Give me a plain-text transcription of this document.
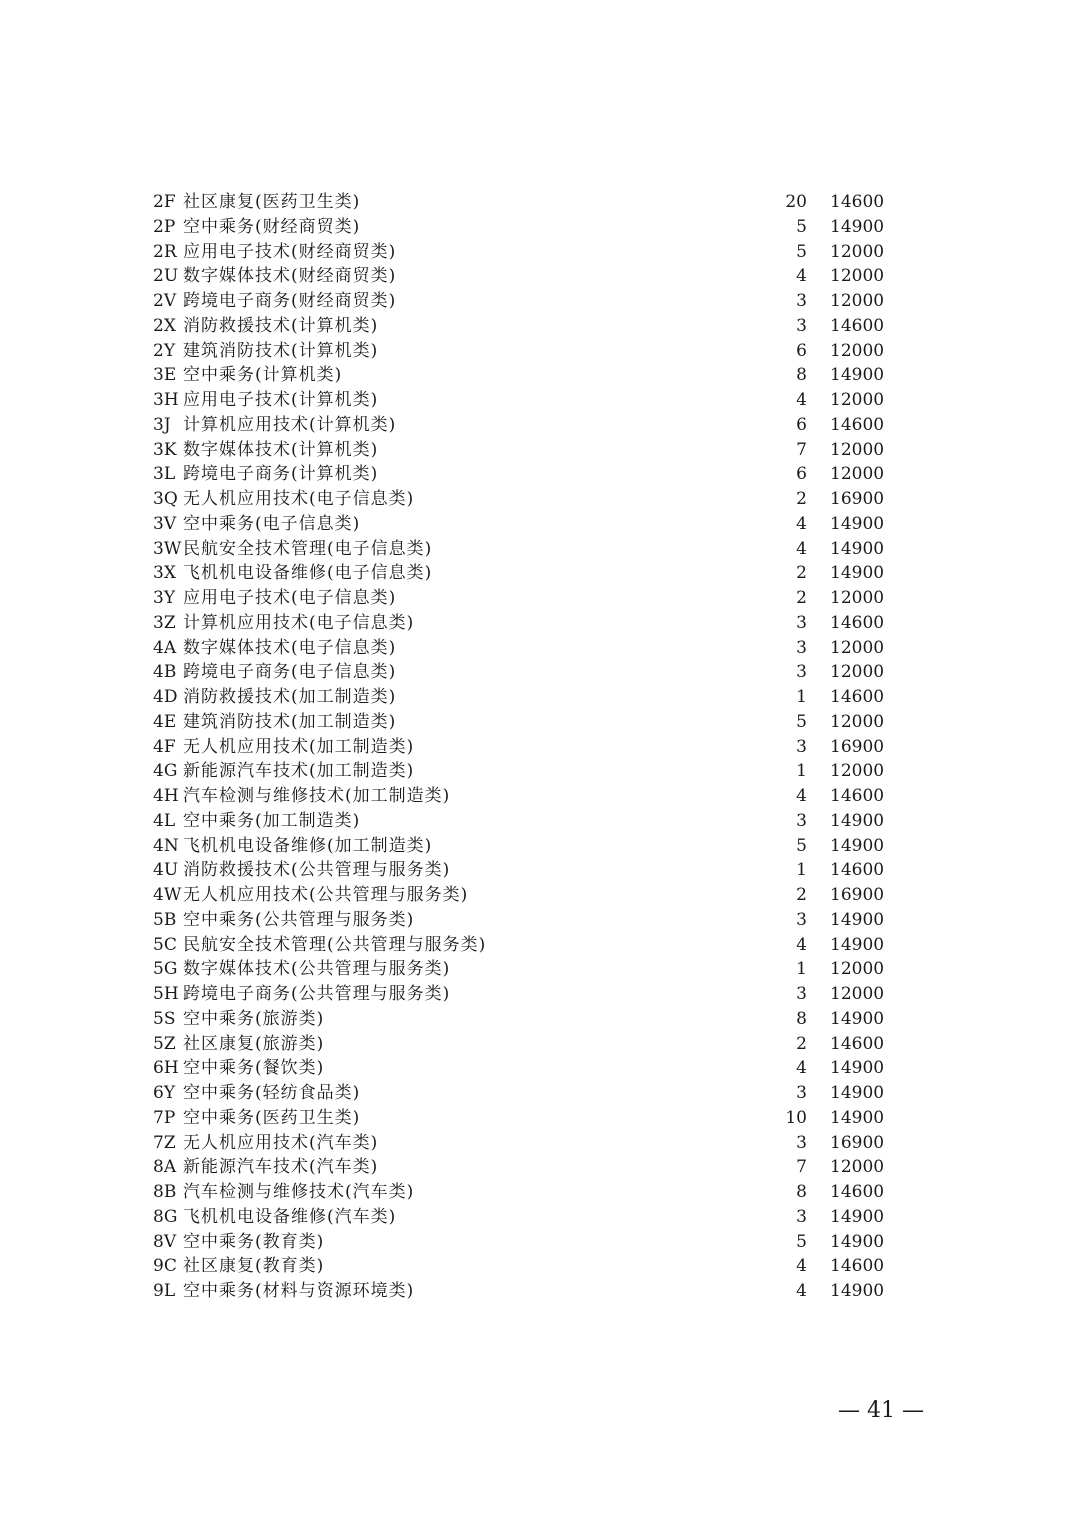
2F 社区康复(医药卫生类)	20 14600
2P 空中乘务(财经商贸类)	5 14900
2R 应用电子技术(财经商贸类)	5 12000
2U 数字媒体技术(财经商贸类)	4 12000
2V 跨境电子商务(财经商贸类)	3 12000
2X 消防救援技术(计算机类)	3 14600
2Y 建筑消防技术(计算机类)	6 12000
3E 空中乘务(计算机类)	8 14900
3H 应用电子技术(计算机类)	4 12000
3J 计算机应用技术(计算机类)	6 14600
3K 数字媒体技术(计算机类)	7 12000
3L 跨境电子商务(计算机类)	6 12000
3Q 无人机应用技术(电子信息类)	2 16900
3V 空中乘务(电子信息类)	4 14900
3W 民航安全技术管理(电子信息类)	4 14900
3X 飞机机电设备维修(电子信息类)	2 14900
3Y 应用电子技术(电子信息类)	2 12000
3Z 计算机应用技术(电子信息类)	3 14600
4A 数字媒体技术(电子信息类)	3 12000
4B 跨境电子商务(电子信息类)	3 12000
4D 消防救援技术(加工制造类)	1 14600
4E 建筑消防技术(加工制造类)	5 12000
4F 无人机应用技术(加工制造类)	3 16900
4G 新能源汽车技术(加工制造类)	1 12000
4H 汽车检测与维修技术(加工制造类)	4 14600
4L 空中乘务(加工制造类)	3 14900
4N 飞机机电设备维修(加工制造类)	5 14900
4U 消防救援技术(公共管理与服务类)	1 14600
4W 无人机应用技术(公共管理与服务类)	2 16900
5B 空中乘务(公共管理与服务类)	3 14900
5C 民航安全技术管理(公共管理与服务类)	4 14900
5G 数字媒体技术(公共管理与服务类)	1 12000
5H 跨境电子商务(公共管理与服务类)	3 12000
5S 空中乘务(旅游类)	8 14900
5Z 社区康复(旅游类)	2 14600
6H 空中乘务(餐饮类)	4 14900
6Y 空中乘务(轻纺食品类)	3 14900
7P 空中乘务(医药卫生类)	10 14900
7Z 无人机应用技术(汽车类)	3 16900
8A 新能源汽车技术(汽车类)	7 12000
8B 汽车检测与维修技术(汽车类)	8 14600
8G 飞机机电设备维修(汽车类)	3 14900
8V 空中乘务(教育类)	5 14900
9C 社区康复(教育类)	4 14600
9L 空中乘务(材料与资源环境类)	4 14900
— 41 —
